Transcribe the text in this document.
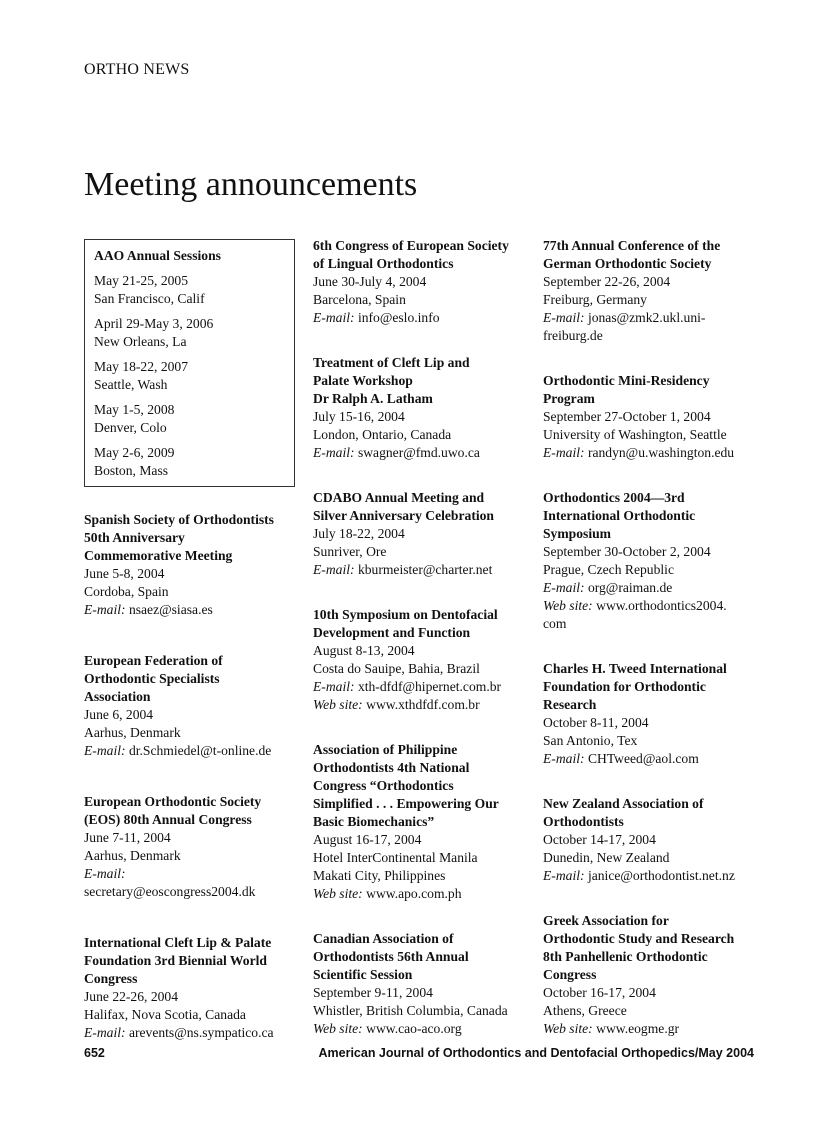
ORTHO NEWS
Meeting announcements
AAO Annual Sessions
May 21-25, 2005
San Francisco, Calif
April 29-May 3, 2006
New Orleans, La
May 18-22, 2007
Seattle, Wash
May 1-5, 2008
Denver, Colo
May 2-6, 2009
Boston, Mass
Spanish Society of Orthodontists
50th Anniversary
Commemorative Meeting
June 5-8, 2004
Cordoba, Spain
E-mail: nsaez@siasa.es
European Federation of
Orthodontic Specialists
Association
June 6, 2004
Aarhus, Denmark
E-mail: dr.Schmiedel@t-online.de
European Orthodontic Society
(EOS) 80th Annual Congress
June 7-11, 2004
Aarhus, Denmark
E-mail:
secretary@eoscongress2004.dk
International Cleft Lip & Palate
Foundation 3rd Biennial World
Congress
June 22-26, 2004
Halifax, Nova Scotia, Canada
E-mail: arevents@ns.sympatico.ca
6th Congress of European Society
of Lingual Orthodontics
June 30-July 4, 2004
Barcelona, Spain
E-mail: info@eslo.info
Treatment of Cleft Lip and
Palate Workshop
Dr Ralph A. Latham
July 15-16, 2004
London, Ontario, Canada
E-mail: swagner@fmd.uwo.ca
CDABO Annual Meeting and
Silver Anniversary Celebration
July 18-22, 2004
Sunriver, Ore
E-mail: kburmeister@charter.net
10th Symposium on Dentofacial
Development and Function
August 8-13, 2004
Costa do Sauipe, Bahia, Brazil
E-mail: xth-dfdf@hipernet.com.br
Web site: www.xthdfdf.com.br
Association of Philippine
Orthodontists 4th National
Congress “Orthodontics
Simplified . . . Empowering Our
Basic Biomechanics”
August 16-17, 2004
Hotel InterContinental Manila
Makati City, Philippines
Web site: www.apo.com.ph
Canadian Association of
Orthodontists 56th Annual
Scientific Session
September 9-11, 2004
Whistler, British Columbia, Canada
Web site: www.cao-aco.org
77th Annual Conference of the
German Orthodontic Society
September 22-26, 2004
Freiburg, Germany
E-mail: jonas@zmk2.ukl.uni-
freiburg.de
Orthodontic Mini-Residency
Program
September 27-October 1, 2004
University of Washington, Seattle
E-mail: randyn@u.washington.edu
Orthodontics 2004—3rd
International Orthodontic
Symposium
September 30-October 2, 2004
Prague, Czech Republic
E-mail: org@raiman.de
Web site: www.orthodontics2004.
com
Charles H. Tweed International
Foundation for Orthodontic
Research
October 8-11, 2004
San Antonio, Tex
E-mail: CHTweed@aol.com
New Zealand Association of
Orthodontists
October 14-17, 2004
Dunedin, New Zealand
E-mail: janice@orthodontist.net.nz
Greek Association for
Orthodontic Study and Research
8th Panhellenic Orthodontic
Congress
October 16-17, 2004
Athens, Greece
Web site: www.eogme.gr
652	American Journal of Orthodontics and Dentofacial Orthopedics/May 2004
